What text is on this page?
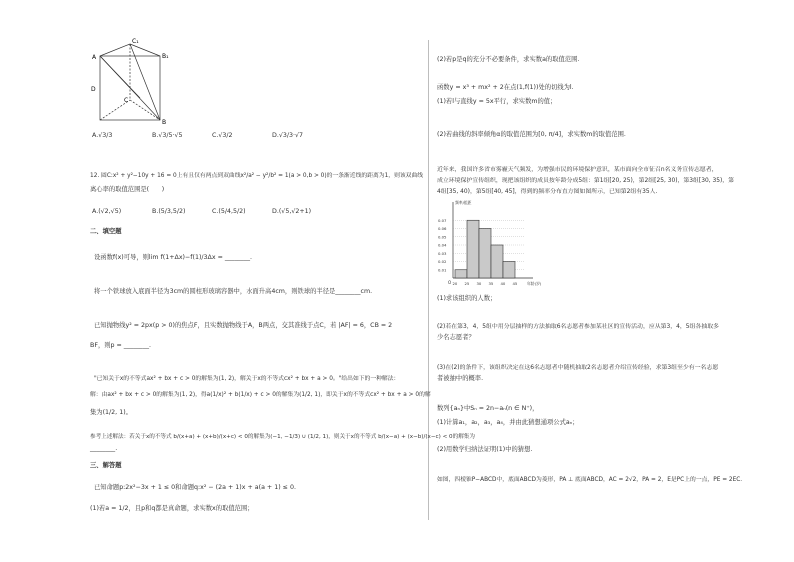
C₁
B₁
A
D
C
B
A.√3/3	B.√3/5·√5	C.√3/2	D.√3/3·√7
12. 圆C:x² + y²−10y + 16 = 0上有且仅有两点到双曲线x²/a² − y²/b² = 1(a > 0,b > 0)的一条渐近线的距离为1，则该双曲线
离心率的取值范围是(　　)
A.(√2,√5)	B.(5/3,5/2)	C.(5/4,5/2)	D.(√5,√2+1)
二、填空题
设函数f(x)可导，则lim f(1+Δx)−f(1)/3Δx = ________.
将一个铁球放入底面半径为3cm的圆柱形玻璃容器中，水面升高4cm，则铁球的半径是________cm.
已知抛物线y² = 2px(p > 0)的焦点F，且实数抛物线于A，B两点，交其准线于点C，若 |AF| = 6，CB = 2
BF，则p = ________.
"已知关于x的不等式ax² + bx + c > 0的解集为(1, 2)，解关于x的不等式cx² + bx + a > 0。"给出如下的一种解法：
解：由ax² + bx + c > 0的解集为(1, 2)，得a(1/x)² + b(1/x) + c > 0的解集为(1/2, 1)，即关于x的不等式cx² + bx + a > 0的解
集为(1/2, 1)。
参考上述解法：若关于x的不等式 b/(x+a) + (x+b)/(x+c) < 0的解集为(−1, −1/3) ∪ (1/2, 1)，则关于x的不等式 b/(x−a) + (x−b)/(x−c) < 0的解集为
________.
三、解答题
已知命题p:2x²−3x + 1 ≤ 0和命题q:x² − (2a + 1)x + a(a + 1) ≤ 0.
(1)若a = 1/2，且p和q都是真命题，求实数x的取值范围；
(2)若p是q的充分不必要条件，求实数a的取值范围.
函数y = x³ + mx² + 2在点(1,f(1))处的切线为l.
(1)若l与直线y = 5x平行，求实数m的值；
(2)若曲线的斜率倾角α的取值范围为[0, π/4]，求实数m的取值范围.
近年来，我国许多省市雾霾天气频发，为增强市民的环境保护意识，某市面向全市征召n名义务宣传志愿者，
成立环境保护宣传组织，现把该组织的成员按年龄分成5组：第1组[20, 25)，第2组[25, 30)，第3组[30, 35)，第
4组[35, 40)，第5组[40, 45]，得到的频率分布直方图如图所示，已知第2组有35人.
频率/组距
年龄(岁)
O
0.07
0.06
0.05
0.04
0.03
0.02
0.01
20 25 30 35 40 45
(1)求该组织的人数；
(2)若在第3，4，5组中用分层抽样的方法抽取6名志愿者参加某社区的宣传活动，应从第3，4，5组各抽取多
少名志愿者？
(3)在(2)的条件下，该组织决定在这6名志愿者中随机抽取2名志愿者介绍宣传经验，求第3组至少有一名志愿
者被抽中的概率.
数列{aₙ}中Sₙ = 2n−aₙ(n ∈ N⁺)，
(1)计算a₁，a₂，a₃，a₄，并由此猜想通项公式aₙ；
(2)用数学归纳法证明(1)中的猜想.
如图，四棱锥P−ABCD中，底面ABCD为菱形，PA ⊥ 底面ABCD，AC = 2√2，PA = 2，E是PC上的一点，PE = 2EC.
